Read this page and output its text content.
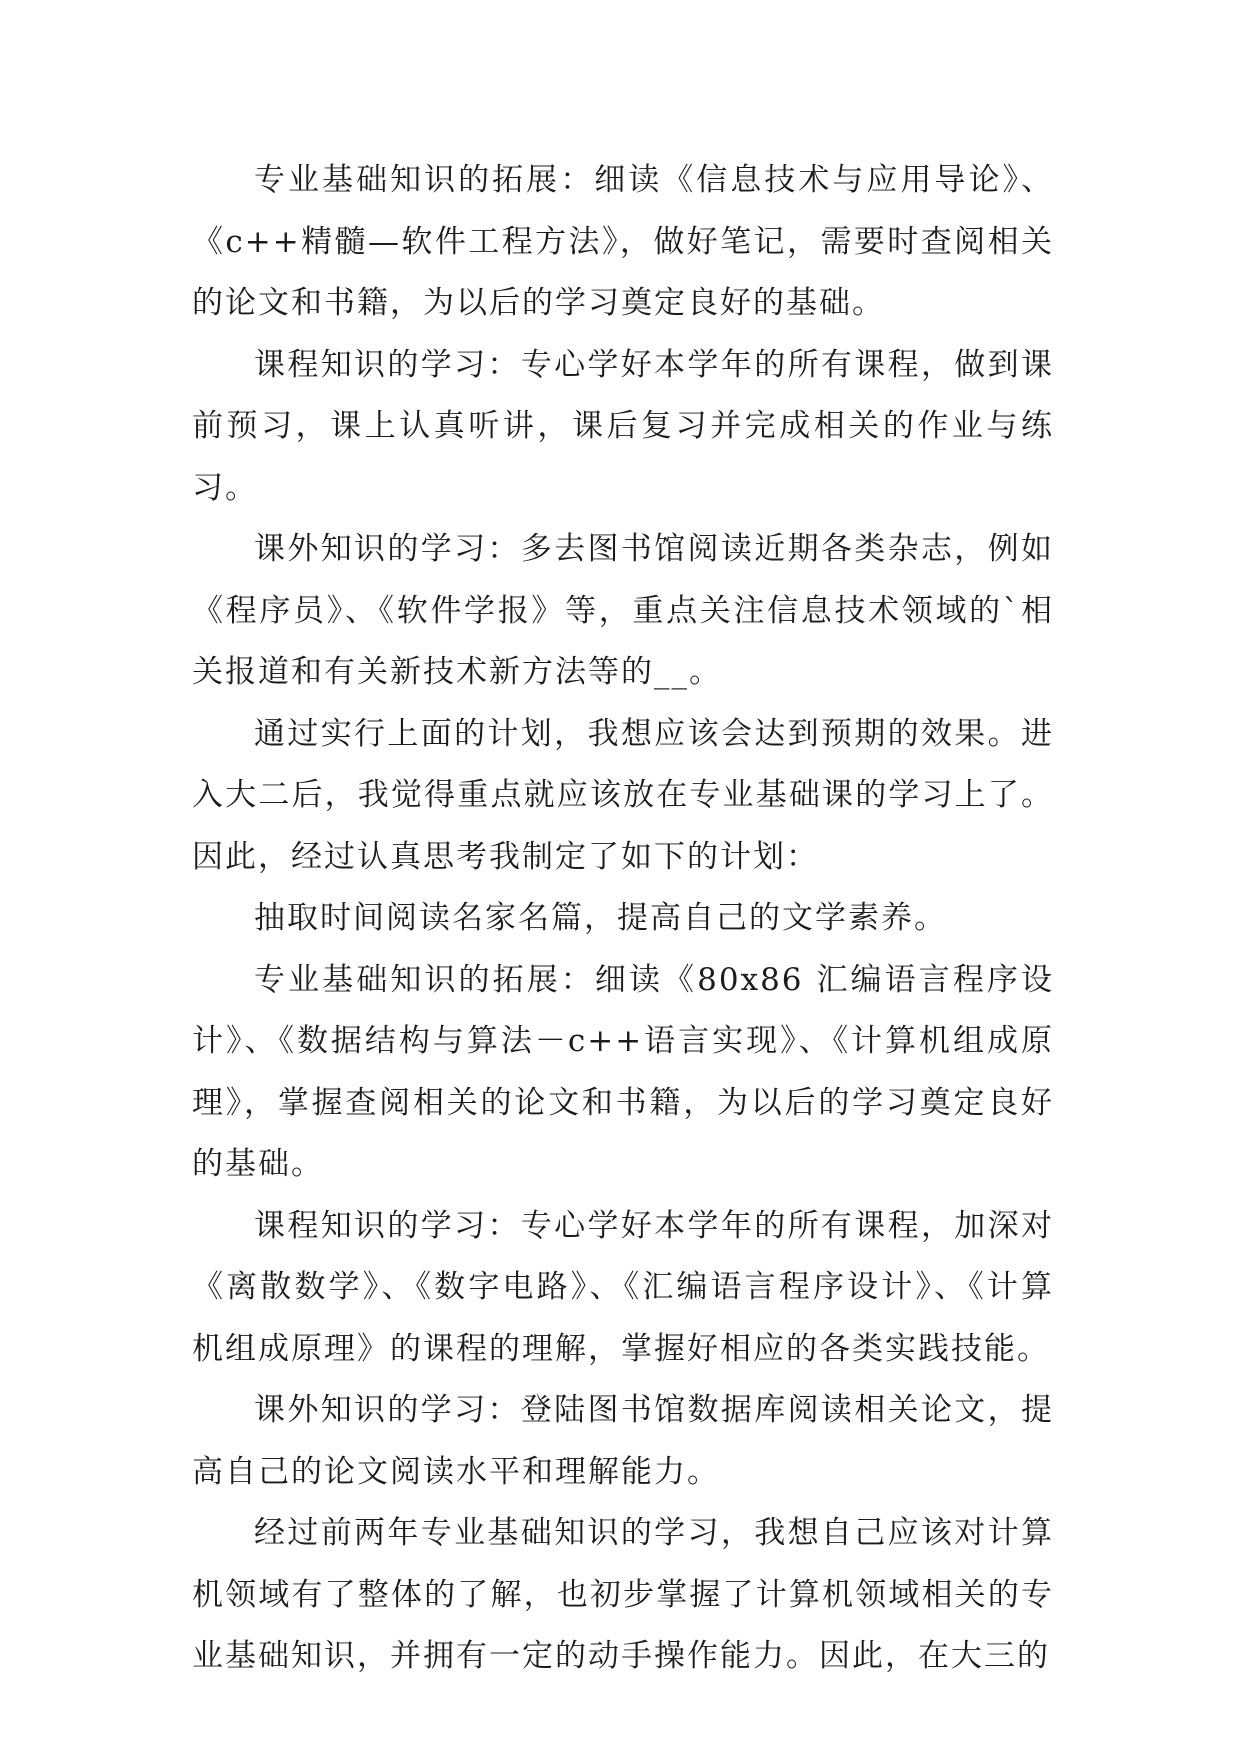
专业基础知识的拓展：细读《信息技术与应用导论》、《c++精髓—软件工程方法》，做好笔记，需要时查阅相关的论文和书籍，为以后的学习奠定良好的基础。

课程知识的学习：专心学好本学年的所有课程，做到课前预习，课上认真听讲，课后复习并完成相关的作业与练习。

课外知识的学习：多去图书馆阅读近期各类杂志，例如《程序员》、《软件学报》等，重点关注信息技术领域的`相关报道和有关新技术新方法等的__。

通过实行上面的计划，我想应该会达到预期的效果。进入大二后，我觉得重点就应该放在专业基础课的学习上了。因此，经过认真思考我制定了如下的计划：

抽取时间阅读名家名篇，提高自己的文学素养。

专业基础知识的拓展：细读《80x86 汇编语言程序设计》、《数据结构与算法－c++语言实现》、《计算机组成原理》，掌握查阅相关的论文和书籍，为以后的学习奠定良好的基础。

课程知识的学习：专心学好本学年的所有课程，加深对《离散数学》、《数字电路》、《汇编语言程序设计》、《计算机组成原理》的课程的理解，掌握好相应的各类实践技能。

课外知识的学习：登陆图书馆数据库阅读相关论文，提高自己的论文阅读水平和理解能力。

经过前两年专业基础知识的学习，我想自己应该对计算机领域有了整体的了解，也初步掌握了计算机领域相关的专业基础知识，并拥有一定的动手操作能力。因此，在大三的
